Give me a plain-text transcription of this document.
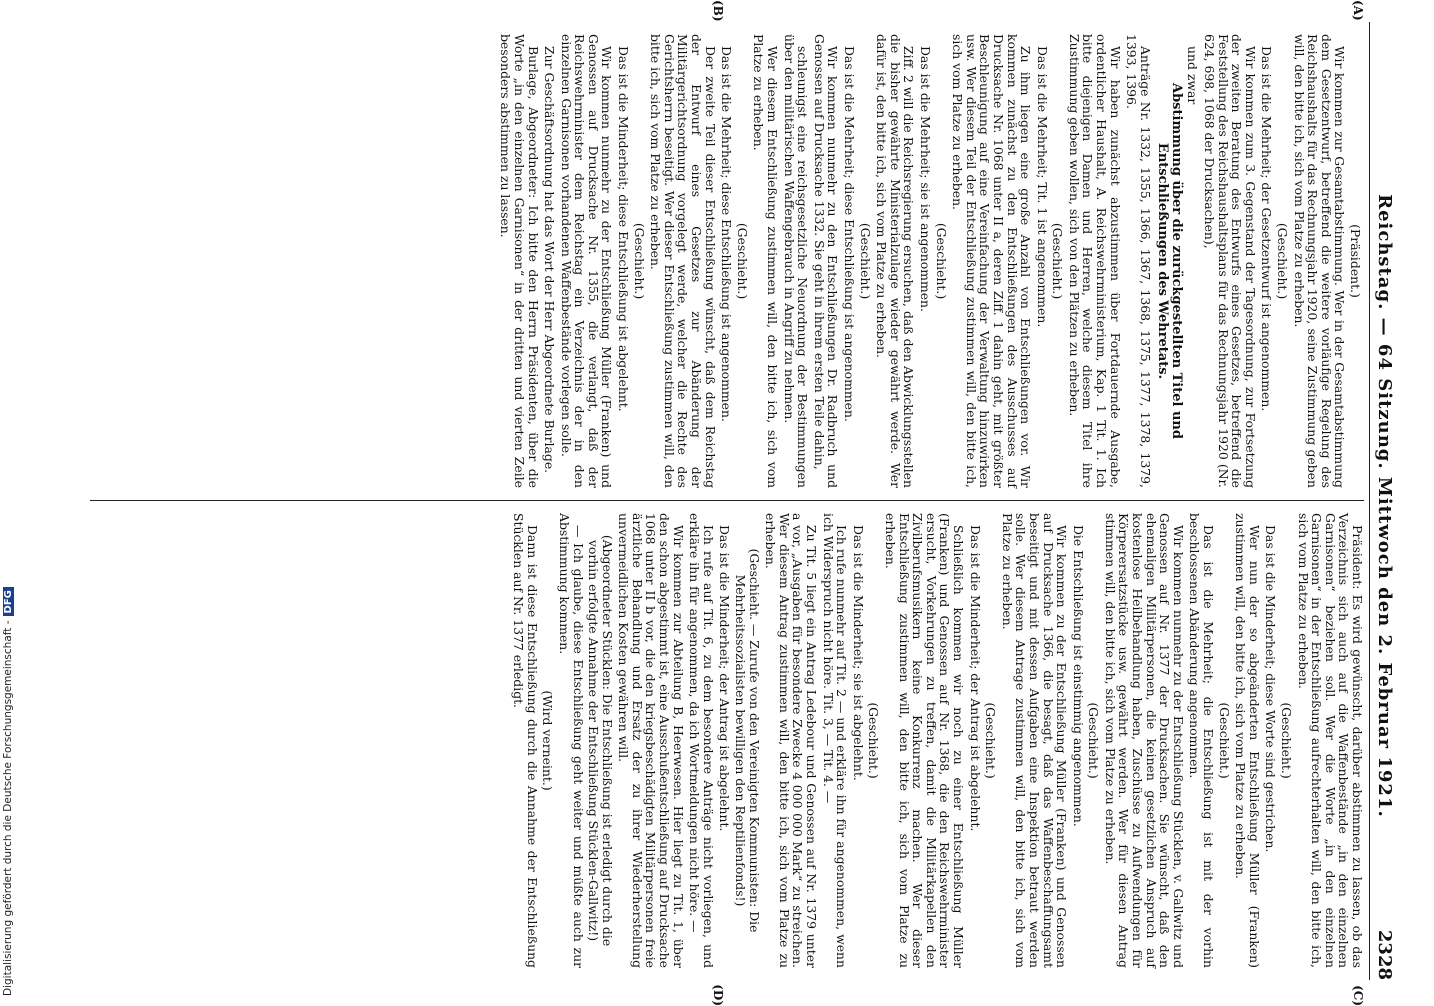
Reichstag. — 64 Sitzung. Mittwoch den 2. Februar 1921.
2328
(A)
(B)

(Präsident.)

Wir kommen zur Gesamtabstimmung. Wer in der Gesamtabstimmung dem Gesetzentwurf, betreffend die weitere vorläufige Regelung des Reichshaushalts für das Rechnungsjahr 1920, seine Zustimmung geben will, den bitte ich, sich vom Platze zu erheben.

(Geschieht.)

Das ist die Mehrheit; der Gesetzentwurf ist angenommen.

Wir kommen zum 3. Gegenstand der Tagesordnung, zur Fortsetzung der zweiten Beratung des Entwurfs eines Gesetzes, betreffend die Feststellung des Reichshaushaltsplans für das Rechnungsjahr 1920 (Nr. 624, 698, 1068 der Drucksachen),

und zwar

Abstimmung über die zurückgestellten Titel und Entschließungen des Wehretats.

Anträge Nr. 1332, 1355, 1366, 1367, 1368, 1375, 1377, 1378, 1379, 1393, 1396.

Wir haben zunächst abzustimmen über Fortdauernde Ausgabe, ordentlicher Haushalt, A. Reichswehrministerium, Kap. 1 Tit. 1. Ich bitte diejenigen Damen und Herren, welche diesem Titel ihre Zustimmung geben wollen, sich von den Plätzen zu erheben.

(Geschieht.)

Das ist die Mehrheit; Tit. 1 ist angenommen.

Zu ihm liegen eine große Anzahl von Entschließungen vor. Wir kommen zunächst zu den Entschließungen des Ausschusses auf Drucksache Nr. 1068 unter II a, deren Ziff. 1 dahin geht, mit größter Beschleunigung auf eine Vereinfachung der Verwaltung hinzuwirken usw. Wer diesem Teil der Entschließung zustimmen will, den bitte ich, sich vom Platze zu erheben.

(Geschieht.)

Das ist die Mehrheit; sie ist angenommen.

Ziff. 2 will die Reichsregierung ersuchen, daß den Abwicklungsstellen die bisher gewährte Ministerialzulage wieder gewährt werde. Wer dafür ist, den bitte ich, sich vom Platze zu erheben.

(Geschieht.)

Das ist die Mehrheit; diese Entschließung ist angenommen.

Wir kommen nunmehr zu den Entschließungen Dr. Radbruch und Genossen auf Drucksache 1332. Sie geht in ihrem ersten Teile dahin,

schleunigst eine reichsgesetzliche Neuordnung der Bestimmungen über den militärischen Waffengebrauch in Angriff zu nehmen.

Wer diesem Entschließung zustimmen will, den bitte ich, sich vom Platze zu erheben.

(Geschieht.)

Das ist die Mehrheit; diese Entschließung ist angenommen.

Der zweite Teil dieser Entschließung wünscht, daß dem Reichstag der Entwurf eines Gesetzes zur Abänderung der Militärgerichtsordnung vorgelegt werde, welcher die Rechte des Gerichtsherrn beseitigt. Wer dieser Entschließung zustimmen will, den bitte ich, sich vom Platze zu erheben.

(Geschieht.)

Das ist die Minderheit; diese Entschließung ist abgelehnt.

Wir kommen nunmehr zu der Entschließung Müller (Franken) und Genossen auf Drucksache Nr. 1355, die verlangt, daß der Reichswehrminister dem Reichstag ein Verzeichnis der in den einzelnen Garnisonen vorhandenen Waffenbestände vorlegen solle.

Zur Geschäftsordnung hat das Wort der Herr Abgeordnete Burlage.

Burlage, Abgeordneter: Ich bitte den Herrn Präsidenten, über die Worte „in den einzelnen Garnisonen“ in der dritten und vierten Zeile besonders abstimmen zu lassen.

(C)
(D)

Präsident: Es wird gewünscht, darüber abstimmen zu lassen, ob das Verzeichnis sich auch auf die Waffenbestände „in den einzelnen Garnisonen“ beziehen soll. Wer die Worte „in den einzelnen Garnisonen“ in der Entschließung aufrechterhalten will, den bitte ich, sich vom Platze zu erheben.

(Geschieht.)

Das ist die Minderheit; diese Worte sind gestrichen.

Wer nun der so abgeänderten Entschließung Müller (Franken) zustimmen will, den bitte ich, sich vom Platze zu erheben.

(Geschieht.)

Das ist die Mehrheit; die Entschließung ist mit der vorhin beschlossenen Abänderung angenommen.

Wir kommen nunmehr zu der Entschließung Stücklen, v. Gallwitz und Genossen auf Nr. 1377 der Drucksachen. Sie wünscht, daß den ehemaligen Militärpersonen, die keinen gesetzlichen Anspruch auf kostenlose Heilbehandlung haben, Zuschüsse zu Aufwendungen für Körperersatzstücke usw. gewährt werden. Wer für diesen Antrag stimmen will, den bitte ich, sich vom Platze zu erheben.

(Geschieht.)

Die Entschließung ist einstimmig angenommen.

Wir kommen zu der Entschließung Müller (Franken) und Genossen auf Drucksache 1366, die besagt, daß das Waffenbeschaffungsamt beseitigt und mit dessen Aufgaben eine Inspektion betraut werden solle. Wer diesem Antrage zustimmen will, den bitte ich, sich vom Platze zu erheben.

(Geschieht.)

Das ist die Minderheit; der Antrag ist abgelehnt.

Schließlich kommen wir noch zu einer Entschließung Müller (Franken) und Genossen auf Nr. 1368, die den Reichswehrminister ersucht, Vorkehrungen zu treffen, damit die Militärkapellen den Zivilberufsmusikern keine Konkurrenz machen. Wer dieser Entschließung zustimmen will, den bitte ich, sich vom Platze zu erheben.

(Geschieht.)

Das ist die Minderheit; sie ist abgelehnt.

Ich rufe nunmehr auf Tit. 2 — und erkläre ihn für angenommen, wenn ich Widerspruch nicht höre. Tit. 3, — Tit. 4. —

Zu Tit. 5 liegt ein Antrag Ledebour und Genossen auf Nr. 1379 unter a vor, „Ausgaben für besondere Zwecke 4 000 000 Mark“ zu streichen. Wer diesem Antrag zustimmen will, den bitte ich, sich vom Platze zu erheben.

(Geschieht. — Zurufe von den Vereinigten Kommunisten: Die Mehrheitssozialisten bewilligen den Reptilienfonds!)

Das ist die Minderheit; der Antrag ist abgelehnt.

Ich rufe auf Tit. 6, zu dem besondere Anträge nicht vorliegen, und erkläre ihn für angenommen, da ich Wortmeldungen nicht höre. —

Wir kommen zur Abteilung B, Heerwesen. Hier liegt zu Tit. 1, über den schon abgestimmt ist, eine Ausschußentschließung auf Drucksache 1068 unter II b vor, die den kriegsbeschädigten Militärpersonen freie ärztliche Behandlung und Ersatz der zu ihrer Wiederherstellung unvermeidlichen Kosten gewähren will.

(Abgeordneter Stücklen: Die Entschließung ist erledigt durch die vorhin erfolgte Annahme der Entschließung Stücklen-Gallwitz!)

— Ich glaube, diese Entschließung geht weiter und müßte auch zur Abstimmung kommen.

(Wird verneint.)

Dann ist diese Entschließung durch die Annahme der Entschließung Stücklen auf Nr. 1377 erledigt.

Digitalisierung gefördert durch die Deutsche Forschungsgemeinschaft -DFG
